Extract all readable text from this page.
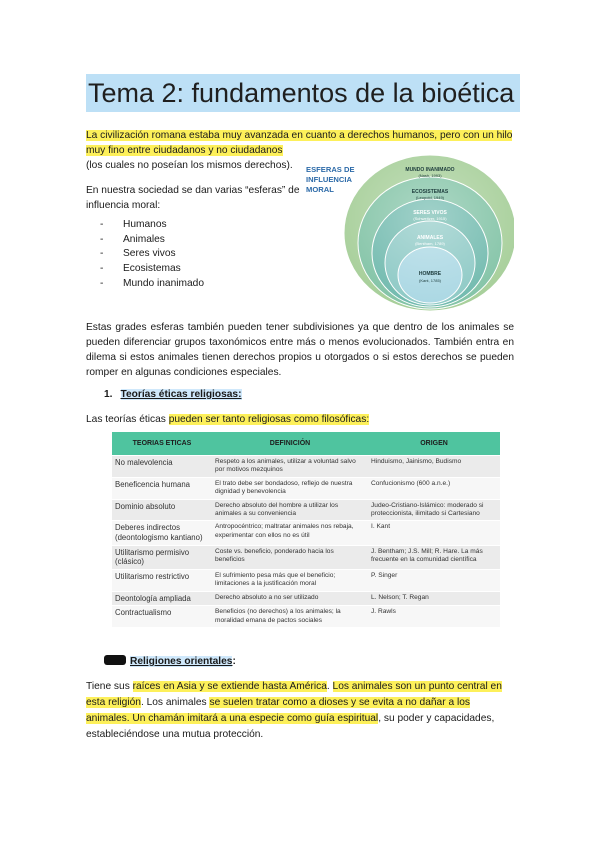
Tema 2: fundamentos de la bioética
La civilización romana estaba muy avanzada en cuanto a derechos humanos, pero con un hilo muy fino entre ciudadanos y no ciudadanos
(los cuales no poseían los mismos derechos).
En nuestra sociedad se dan varias “esferas” de influencia moral:
- Humanos
- Animales
- Seres vivos
- Ecosistemas
- Mundo inanimado
ESFERAS DE
INFLUENCIA
MORAL
MUNDO INANIMADO
(Nash, 1993)
ECOSISTEMAS
(Leopold, 1949)
SERES VIVOS
(Schweitzer, 1915)
ANIMALES
(Bentham, 1789)
HOMBRE
(Kant, 1785)
Estas grades esferas también pueden tener subdivisiones ya que dentro de los animales se pueden diferenciar grupos taxonómicos entre más o menos evolucionados. También entra en dilema si estos animales tienen derechos propios u otorgados o si estos derechos se pueden romper en algunas condiciones especiales.
1. Teorías éticas religiosas:
Las teorías éticas pueden ser tanto religiosas como filosóficas:
TEORIAS ETICAS	DEFINICIÓN	ORIGEN
No malevolencia	Respeto a los animales, utilizar a voluntad salvo por motivos mezquinos	Hinduismo, Jainismo, Budismo
Beneficencia humana	El trato debe ser bondadoso, reflejo de nuestra dignidad y benevolencia	Confucionismo (600 a.n.e.)
Dominio absoluto	Derecho absoluto del hombre a utilizar los animales a su conveniencia	Judeo-Cristiano-Islámico: moderado si proteccionista, ilimitado si Cartesiano
Deberes indirectos (deontologismo kantiano)	Antropocéntrico; maltratar animales nos rebaja, experimentar con ellos no es útil	I. Kant
Utilitarismo permisivo (clásico)	Coste vs. beneficio, ponderado hacia los beneficios	J. Bentham; J.S. Mill; R. Hare. La más frecuente en la comunidad científica
Utilitarismo restrictivo	El sufrimiento pesa más que el beneficio; limitaciones a la justificación moral	P. Singer
Deontología ampliada	Derecho absoluto a no ser utilizado	L. Nelson; T. Regan
Contractualismo	Beneficios (no derechos) a los animales; la moralidad emana de pactos sociales	J. Rawls
Religiones orientales:
Tiene sus raíces en Asia y se extiende hasta América. Los animales son un punto central en esta religión. Los animales se suelen tratar como a dioses y se evita a no dañar a los animales. Un chamán imitará a una especie como guía espiritual, su poder y capacidades, estableciéndose una mutua protección.
